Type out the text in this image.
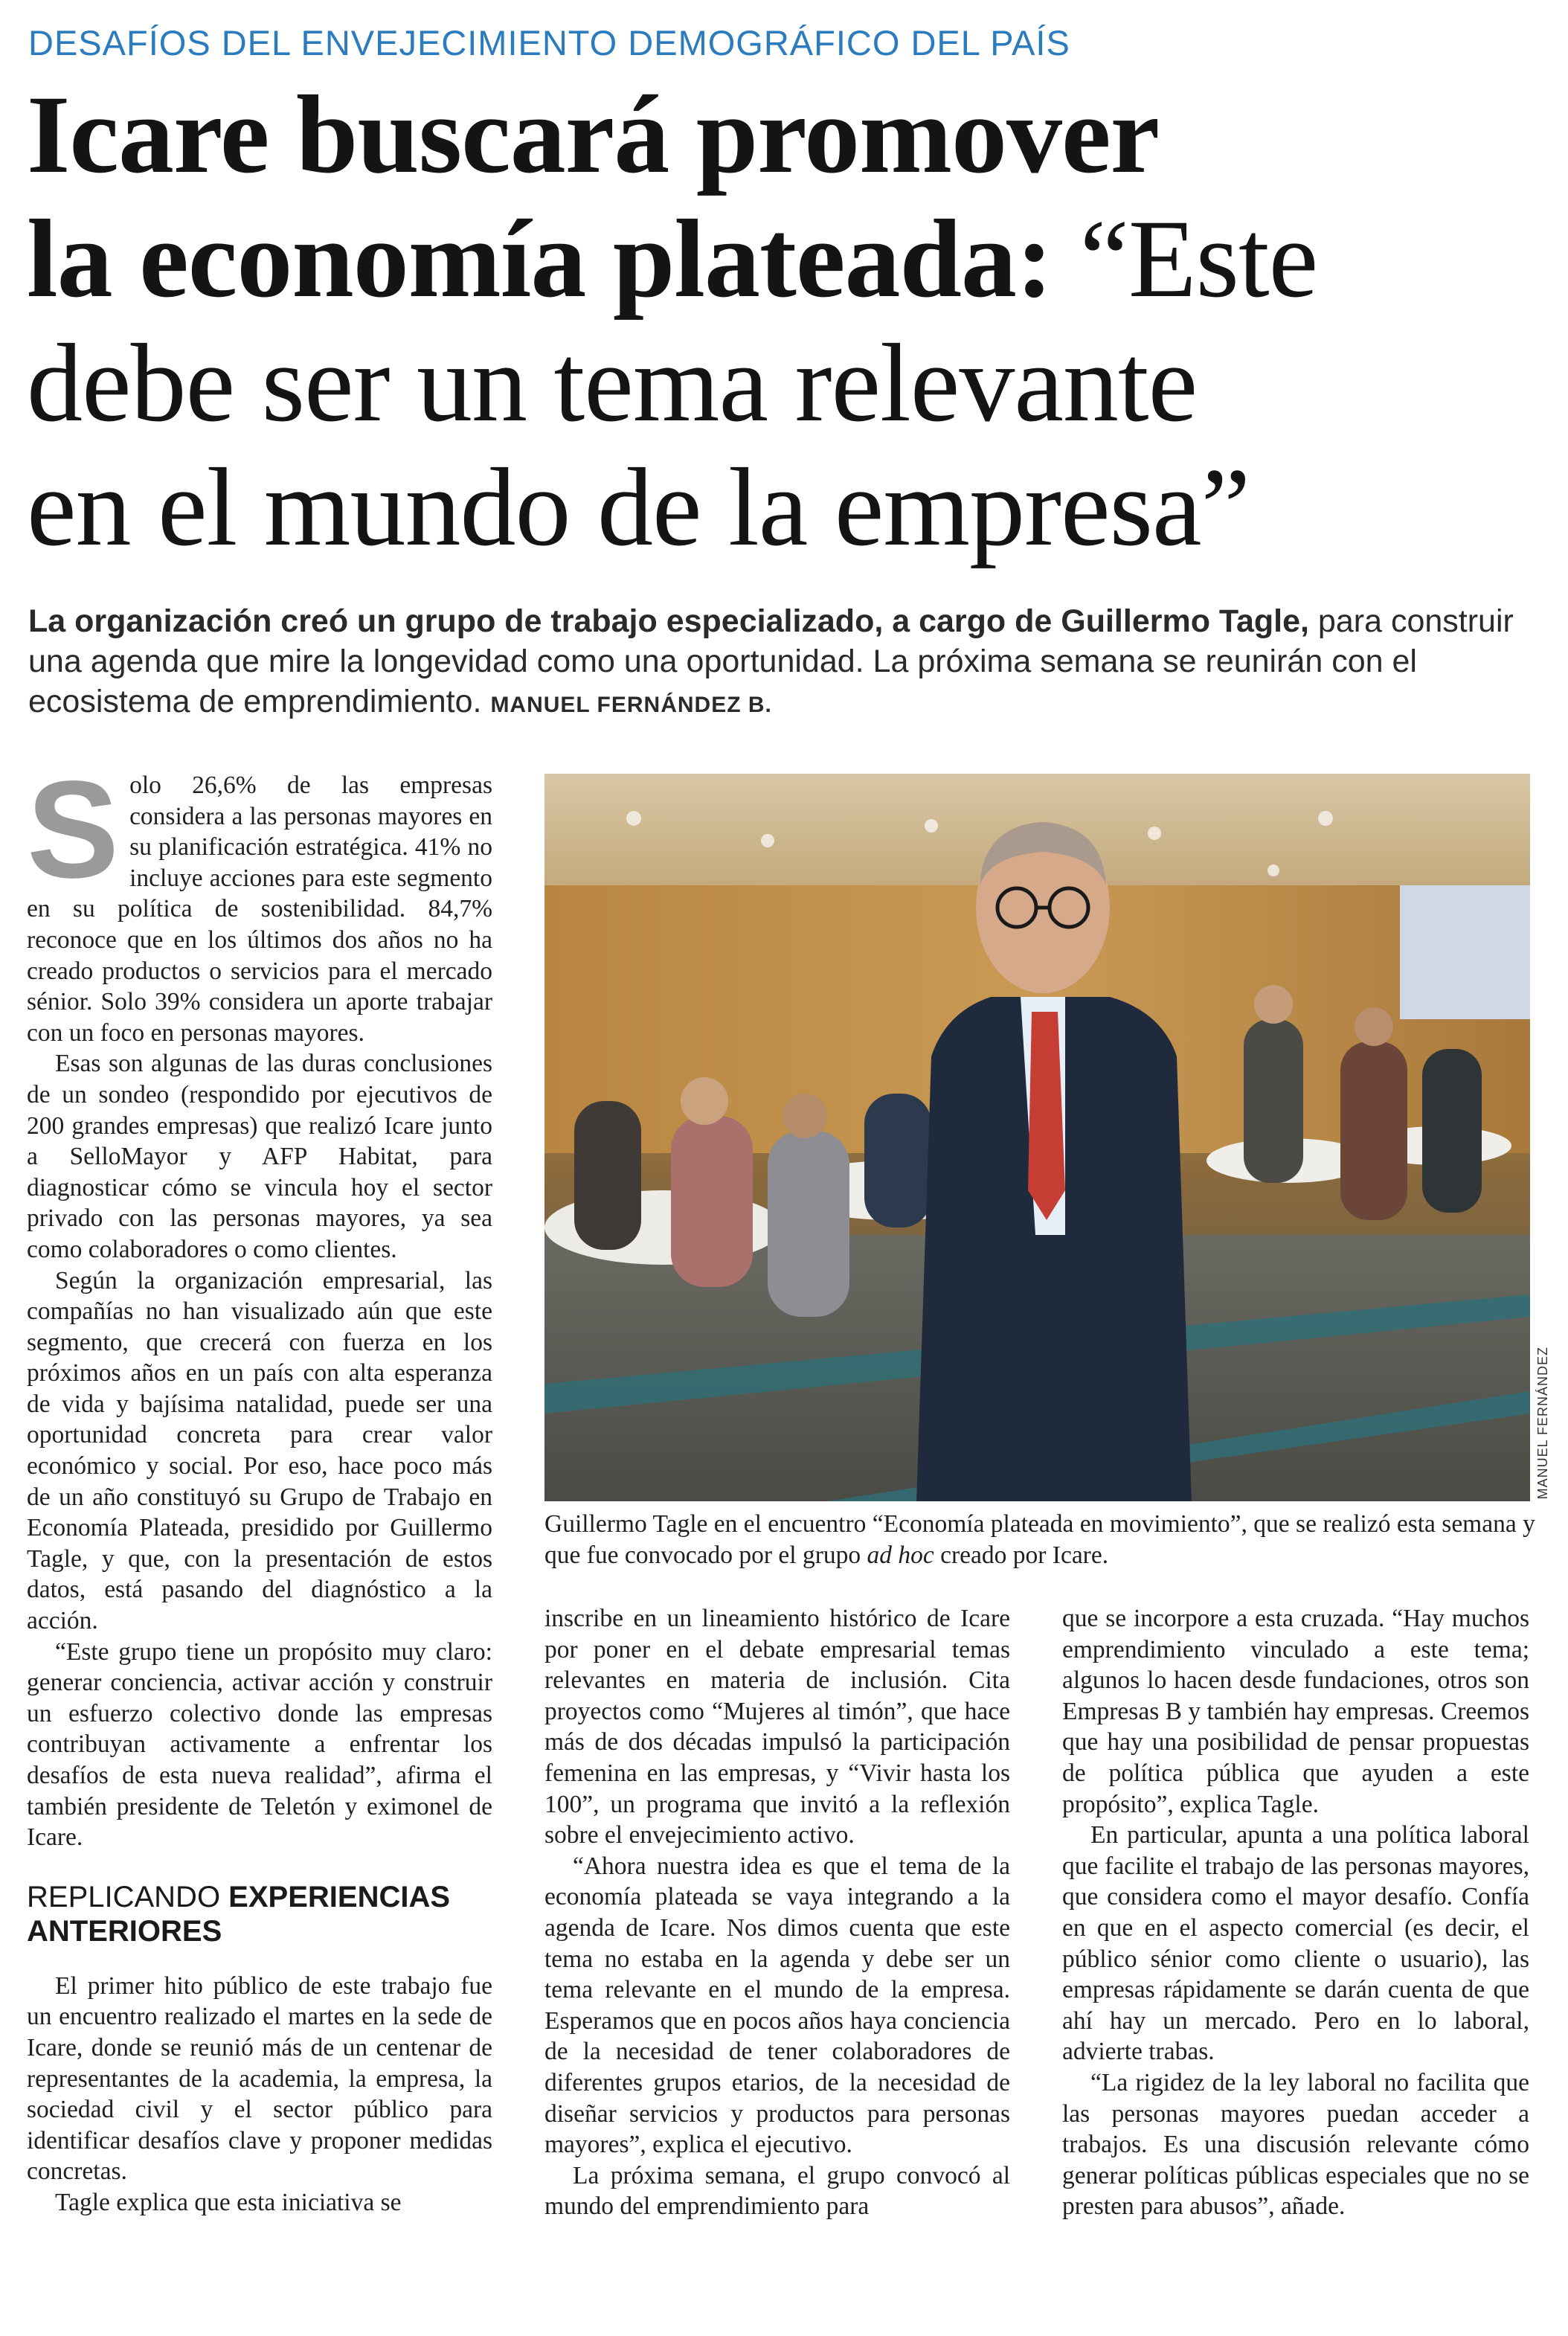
DESAFÍOS DEL ENVEJECIMIENTO DEMOGRÁFICO DEL PAÍS
Icare buscará promover
la economía plateada: “Este
debe ser un tema relevante
en el mundo de la empresa”
La organización creó un grupo de trabajo especializado, a cargo de Guillermo Tagle, para construir una agenda que mire la longevidad como una oportunidad. La próxima semana se reunirán con el ecosistema de emprendimiento. MANUEL FERNÁNDEZ B.
MANUEL FERNÁNDEZ
Guillermo Tagle en el encuentro “Economía plateada en movimiento”, que se realizó esta semana y que fue convocado por el grupo ad hoc creado por Icare.

Solo 26,6% de las empresas considera a las personas mayores en su planificación estratégica. 41% no incluye acciones para este segmento en su política de sostenibilidad. 84,7% reconoce que en los últimos dos años no ha creado productos o servicios para el mercado sénior. Solo 39% considera un aporte trabajar con un foco en personas mayores.

Esas son algunas de las duras conclusiones de un sondeo (respondido por ejecutivos de 200 grandes empresas) que realizó Icare junto a SelloMayor y AFP Habitat, para diagnosticar cómo se vincula hoy el sector privado con las personas mayores, ya sea como colaboradores o como clientes.

Según la organización empresarial, las compañías no han visualizado aún que este segmento, que crecerá con fuerza en los próximos años en un país con alta esperanza de vida y bajísima natalidad, puede ser una oportunidad concreta para crear valor económico y social. Por eso, hace poco más de un año constituyó su Grupo de Trabajo en Economía Plateada, presidido por Guillermo Tagle, y que, con la presentación de estos datos, está pasando del diagnóstico a la acción.

“Este grupo tiene un propósito muy claro: generar conciencia, activar acción y construir un esfuerzo colectivo donde las empresas contribuyan activamente a enfrentar los desafíos de esta nueva realidad”, afirma el también presidente de Teletón y eximonel de Icare.

REPLICANDO EXPERIENCIAS ANTERIORES

El primer hito público de este trabajo fue un encuentro realizado el martes en la sede de Icare, donde se reunió más de un centenar de representantes de la academia, la empresa, la sociedad civil y el sector público para identificar desafíos clave y proponer medidas concretas.

Tagle explica que esta iniciativa se

inscribe en un lineamiento histórico de Icare por poner en el debate empresarial temas relevantes en materia de inclusión. Cita proyectos como “Mujeres al timón”, que hace más de dos décadas impulsó la participación femenina en las empresas, y “Vivir hasta los 100”, un programa que invitó a la reflexión sobre el envejecimiento activo.

“Ahora nuestra idea es que el tema de la economía plateada se vaya integrando a la agenda de Icare. Nos dimos cuenta que este tema no estaba en la agenda y debe ser un tema relevante en el mundo de la empresa. Esperamos que en pocos años haya conciencia de la necesidad de tener colaboradores de diferentes grupos etarios, de la necesidad de diseñar servicios y productos para personas mayores”, explica el ejecutivo.

La próxima semana, el grupo convocó al mundo del emprendimiento para

que se incorpore a esta cruzada. “Hay muchos emprendimiento vinculado a este tema; algunos lo hacen desde fundaciones, otros son Empresas B y también hay empresas. Creemos que hay una posibilidad de pensar propuestas de política pública que ayuden a este propósito”, explica Tagle.

En particular, apunta a una política laboral que facilite el trabajo de las personas mayores, que considera como el mayor desafío. Confía en que en el aspecto comercial (es decir, el público sénior como cliente o usuario), las empresas rápidamente se darán cuenta de que ahí hay un mercado. Pero en lo laboral, advierte trabas.

“La rigidez de la ley laboral no facilita que las personas mayores puedan acceder a trabajos. Es una discusión relevante cómo generar políticas públicas especiales que no se presten para abusos”, añade.
